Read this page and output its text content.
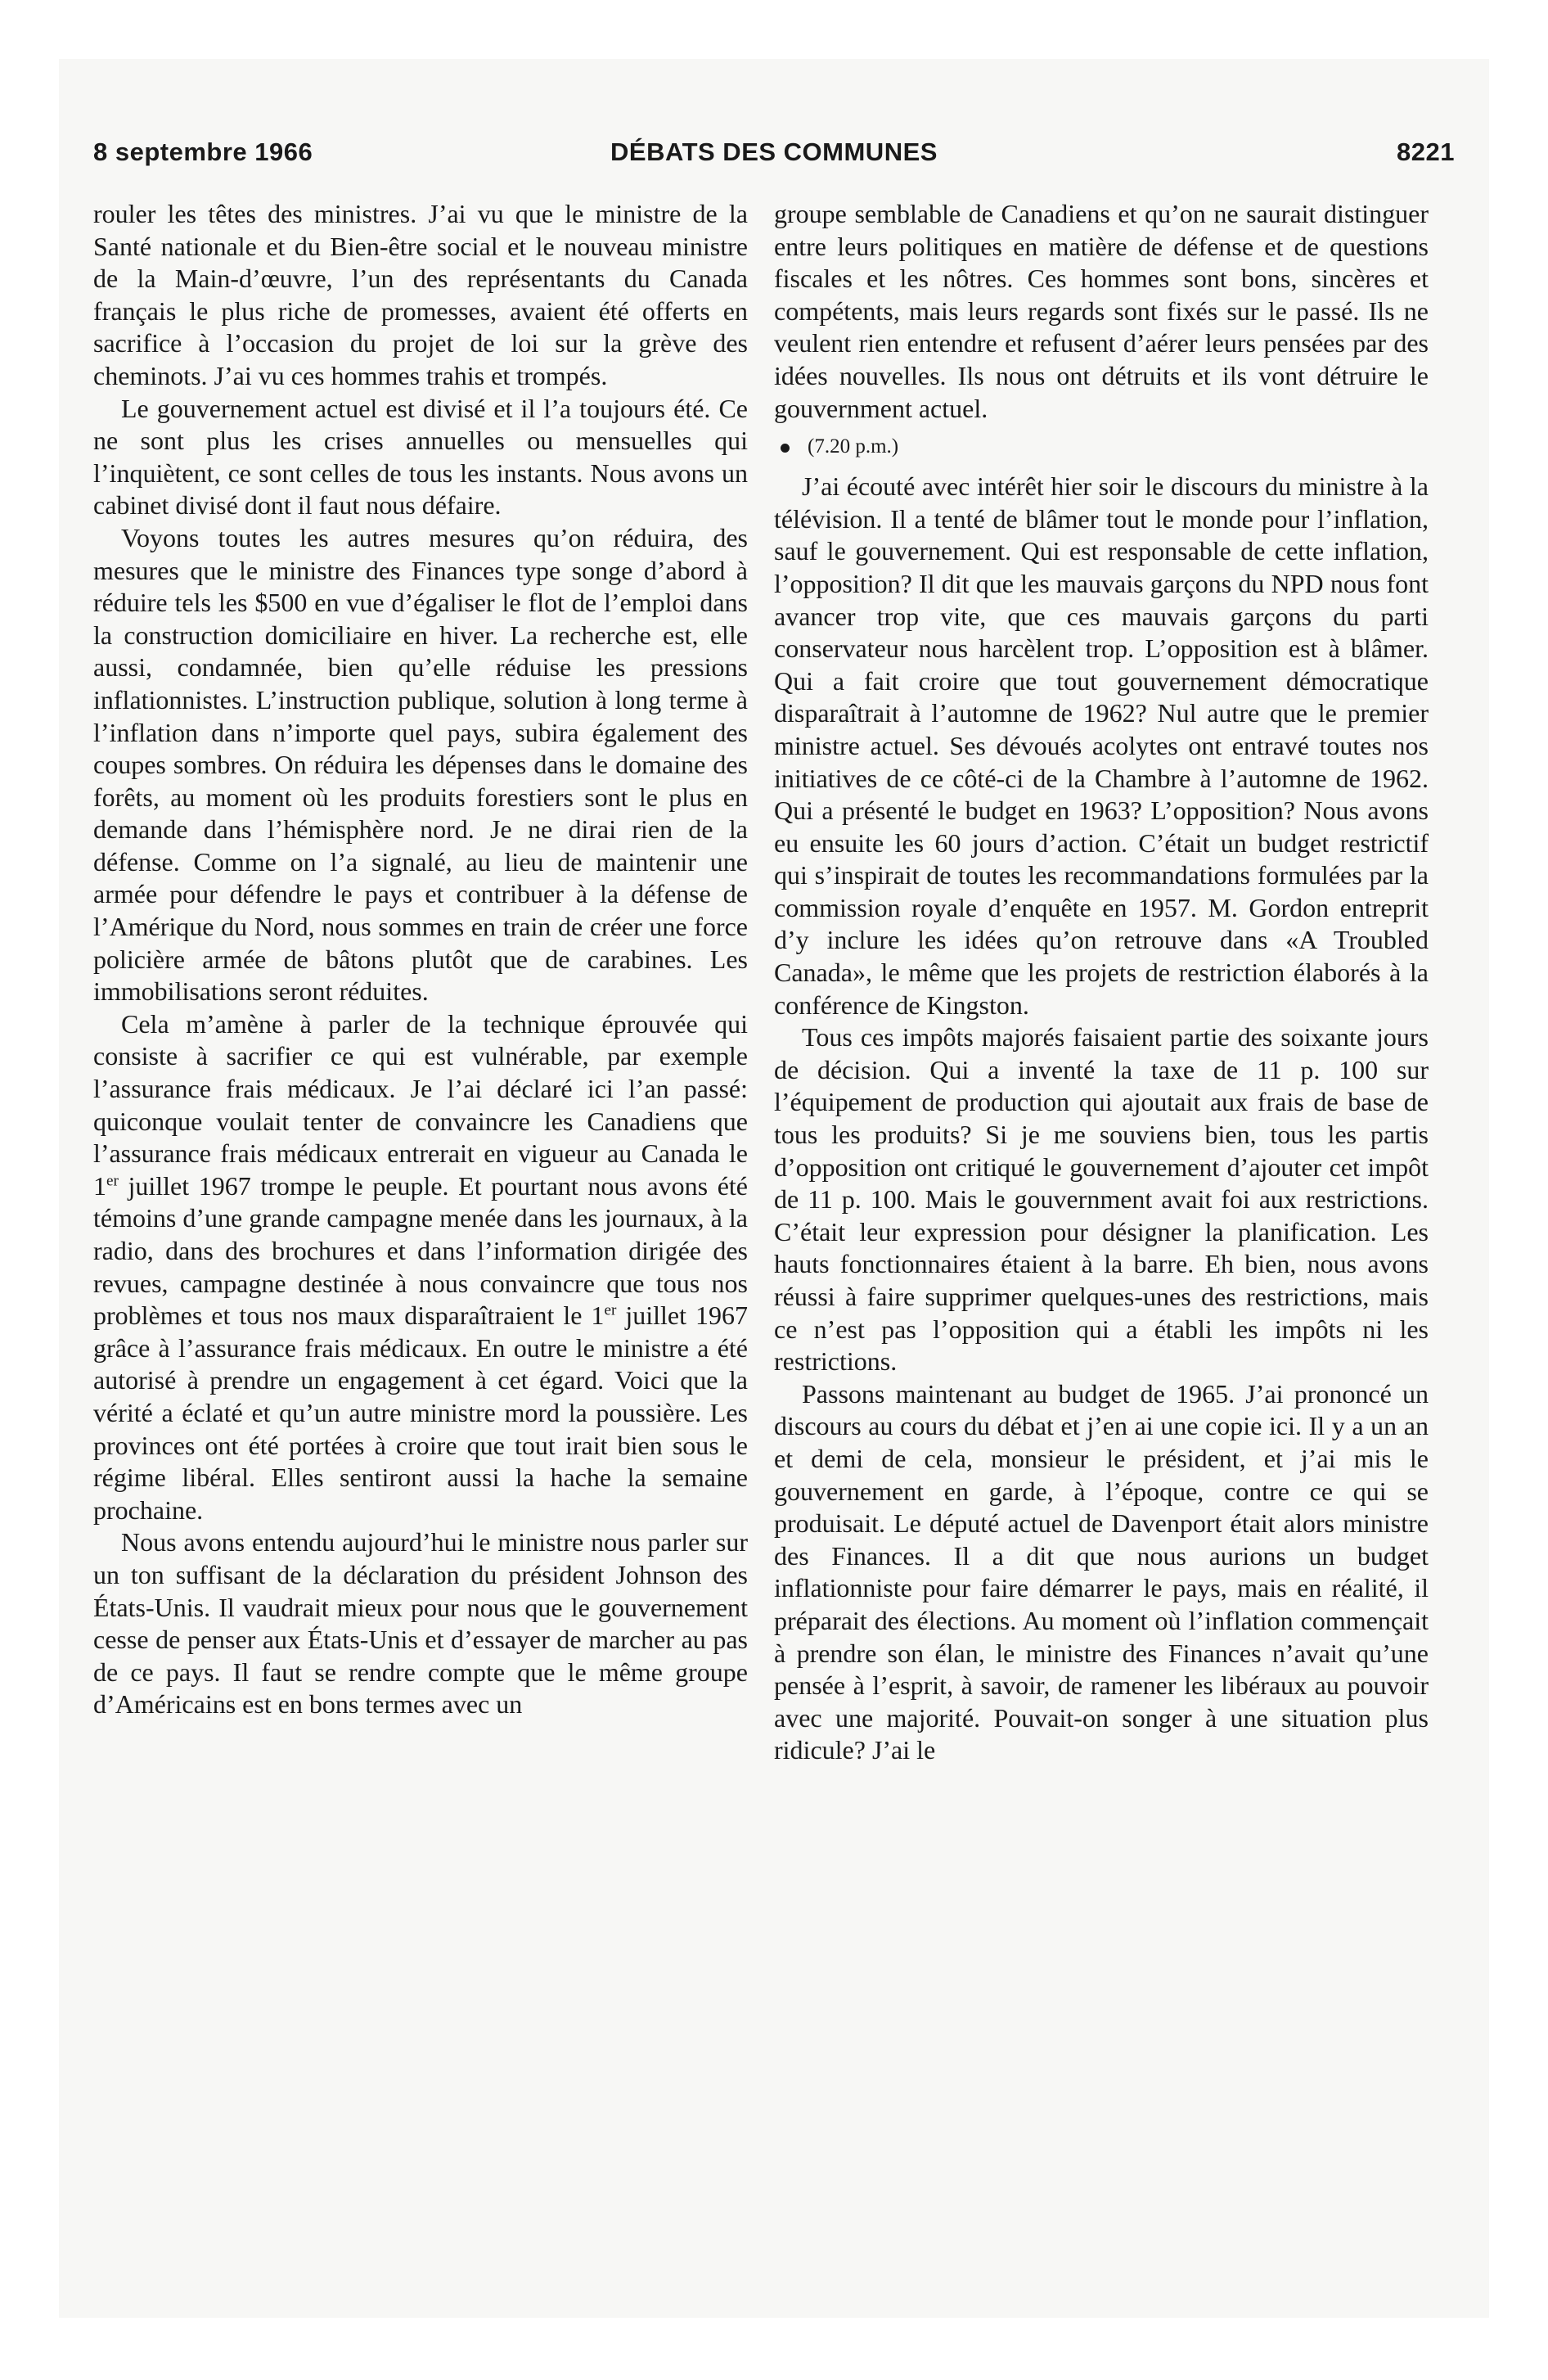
8 septembre 1966	DÉBATS DES COMMUNES	8221

rouler les têtes des ministres. J’ai vu que le ministre de la Santé nationale et du Bien-être social et le nouveau ministre de la Main-d’œuvre, l’un des représentants du Canada français le plus riche de promesses, avaient été offerts en sacrifice à l’occasion du projet de loi sur la grève des cheminots. J’ai vu ces hommes trahis et trompés.

Le gouvernement actuel est divisé et il l’a toujours été. Ce ne sont plus les crises annuelles ou mensuelles qui l’inquiètent, ce sont celles de tous les instants. Nous avons un cabinet divisé dont il faut nous défaire.

Voyons toutes les autres mesures qu’on réduira, des mesures que le ministre des Finances type songe d’abord à réduire tels les $500 en vue d’égaliser le flot de l’emploi dans la construction domiciliaire en hiver. La recherche est, elle aussi, condamnée, bien qu’elle réduise les pressions inflationnistes. L’instruction publique, solution à long terme à l’inflation dans n’importe quel pays, subira également des coupes sombres. On réduira les dépenses dans le domaine des forêts, au moment où les produits forestiers sont le plus en demande dans l’hémisphère nord. Je ne dirai rien de la défense. Comme on l’a signalé, au lieu de maintenir une armée pour défendre le pays et contribuer à la défense de l’Amérique du Nord, nous sommes en train de créer une force policière armée de bâtons plutôt que de carabines. Les immobilisations seront réduites.

Cela m’amène à parler de la technique éprouvée qui consiste à sacrifier ce qui est vulnérable, par exemple l’assurance frais médicaux. Je l’ai déclaré ici l’an passé: quiconque voulait tenter de convaincre les Canadiens que l’assurance frais médicaux entrerait en vigueur au Canada le 1er juillet 1967 trompe le peuple. Et pourtant nous avons été témoins d’une grande campagne menée dans les journaux, à la radio, dans des brochures et dans l’information dirigée des revues, campagne destinée à nous convaincre que tous nos problèmes et tous nos maux disparaîtraient le 1er juillet 1967 grâce à l’assurance frais médicaux. En outre le ministre a été autorisé à prendre un engagement à cet égard. Voici que la vérité a éclaté et qu’un autre ministre mord la poussière. Les provinces ont été portées à croire que tout irait bien sous le régime libéral. Elles sentiront aussi la hache la semaine prochaine.

Nous avons entendu aujourd’hui le ministre nous parler sur un ton suffisant de la déclaration du président Johnson des États-Unis. Il vaudrait mieux pour nous que le gouvernement cesse de penser aux États-Unis et d’essayer de marcher au pas de ce pays. Il faut se rendre compte que le même groupe d’Américains est en bons termes avec un

groupe semblable de Canadiens et qu’on ne saurait distinguer entre leurs politiques en matière de défense et de questions fiscales et les nôtres. Ces hommes sont bons, sincères et compétents, mais leurs regards sont fixés sur le passé. Ils ne veulent rien entendre et refusent d’aérer leurs pensées par des idées nouvelles. Ils nous ont détruits et ils vont détruire le gouvernment actuel.

(7.20 p.m.)

J’ai écouté avec intérêt hier soir le discours du ministre à la télévision. Il a tenté de blâmer tout le monde pour l’inflation, sauf le gouvernement. Qui est responsable de cette inflation, l’opposition? Il dit que les mauvais garçons du NPD nous font avancer trop vite, que ces mauvais garçons du parti conservateur nous harcèlent trop. L’opposition est à blâmer. Qui a fait croire que tout gouvernement démocratique disparaîtrait à l’automne de 1962? Nul autre que le premier ministre actuel. Ses dévoués acolytes ont entravé toutes nos initiatives de ce côté-ci de la Chambre à l’automne de 1962. Qui a présenté le budget en 1963? L’opposition? Nous avons eu ensuite les 60 jours d’action. C’était un budget restrictif qui s’inspirait de toutes les recommandations formulées par la commission royale d’enquête en 1957. M. Gordon entreprit d’y inclure les idées qu’on retrouve dans «A Troubled Canada», le même que les projets de restriction élaborés à la conférence de Kingston.

Tous ces impôts majorés faisaient partie des soixante jours de décision. Qui a inventé la taxe de 11 p. 100 sur l’équipement de production qui ajoutait aux frais de base de tous les produits? Si je me souviens bien, tous les partis d’opposition ont critiqué le gouvernement d’ajouter cet impôt de 11 p. 100. Mais le gouvernment avait foi aux restrictions. C’était leur expression pour désigner la planification. Les hauts fonctionnaires étaient à la barre. Eh bien, nous avons réussi à faire supprimer quelques-unes des restrictions, mais ce n’est pas l’opposition qui a établi les impôts ni les restrictions.

Passons maintenant au budget de 1965. J’ai prononcé un discours au cours du débat et j’en ai une copie ici. Il y a un an et demi de cela, monsieur le président, et j’ai mis le gouvernement en garde, à l’époque, contre ce qui se produisait. Le député actuel de Davenport était alors ministre des Finances. Il a dit que nous aurions un budget inflationniste pour faire démarrer le pays, mais en réalité, il préparait des élections. Au moment où l’inflation commençait à prendre son élan, le ministre des Finances n’avait qu’une pensée à l’esprit, à savoir, de ramener les libéraux au pouvoir avec une majorité. Pouvait-on songer à une situation plus ridicule? J’ai le
